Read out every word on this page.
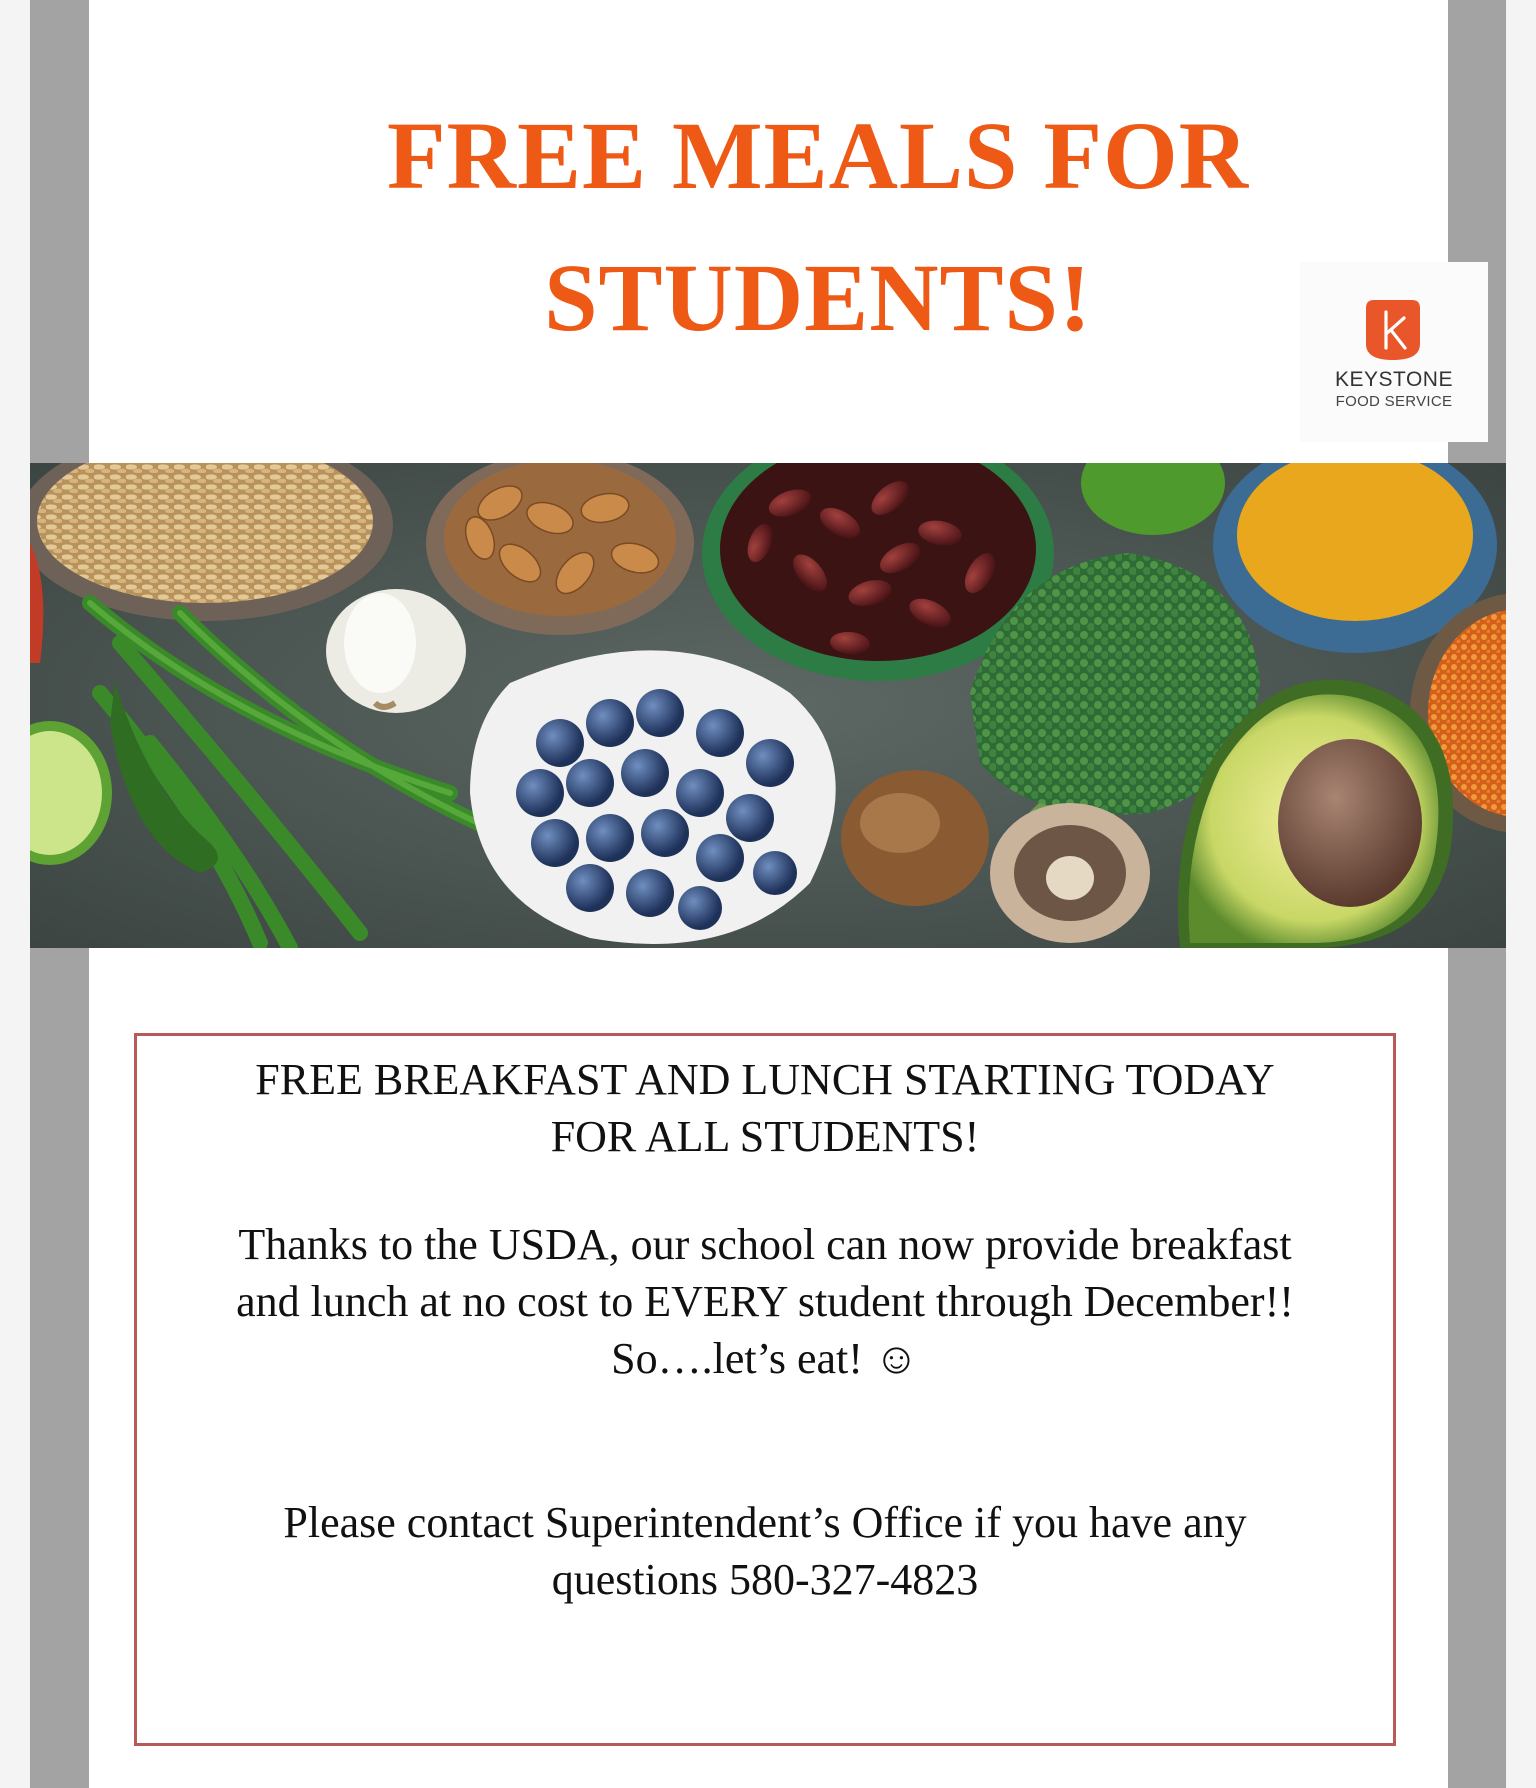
FREE MEALS FOR
STUDENTS!
KEYSTONE
FOOD SERVICE
FREE BREAKFAST AND LUNCH STARTING TODAY
FOR ALL STUDENTS!
Thanks to the USDA, our school can now provide breakfast
and lunch at no cost to EVERY student through December!!
So….let’s eat! ☺
Please contact Superintendent’s Office if you have any
questions 580-327-4823
